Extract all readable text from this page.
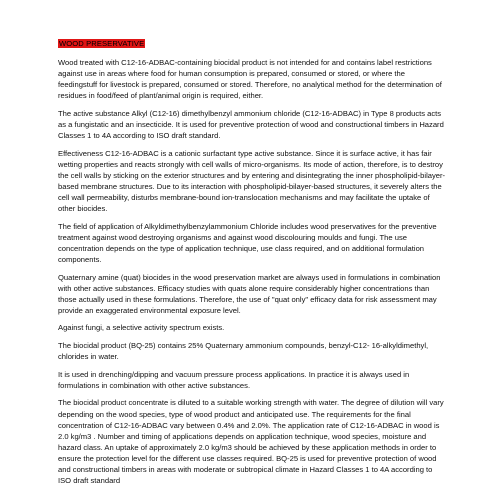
WOOD PRESERVATIVE

Wood treated with C12-16-ADBAC-containing biocidal product is not intended for and contains label restrictions against use in areas where food for human consumption is prepared, consumed or stored, or where the feedingstuff for livestock is prepared, consumed or stored. Therefore, no analytical method for the determination of residues in food/feed of plant/animal origin is required, either.

The active substance Alkyl (C12-16) dimethylbenzyl ammonium chloride (C12-16-ADBAC) in Type 8 products acts as a fungistatic and an insecticide. It is used for preventive protection of wood and constructional timbers in Hazard Classes 1 to 4A according to ISO draft standard.

Effectiveness C12-16-ADBAC is a cationic surfactant type active substance. Since it is surface active, it has fair wetting properties and reacts strongly with cell walls of micro-organisms. Its mode of action, therefore, is to destroy the cell walls by sticking on the exterior structures and by entering and disintegrating the inner phospholipid-bilayer-based membrane structures. Due to its interaction with phospholipid-bilayer-based structures, it severely alters the cell wall permeability, disturbs membrane-bound ion-translocation mechanisms and may facilitate the uptake of other biocides.

The field of application of Alkyldimethylbenzylammonium Chloride includes wood preservatives for the preventive treatment against wood destroying organisms and against wood discolouring moulds and fungi. The use concentration depends on the type of application technique, use class required, and on additional formulation components.

Quaternary amine (quat) biocides in the wood preservation market are always used in formulations in combination with other active substances. Efficacy studies with quats alone require considerably higher concentrations than those actually used in these formulations. Therefore, the use of "quat only" efficacy data for risk assessment may provide an exaggerated environmental exposure level.

Against fungi, a selective activity spectrum exists.

The biocidal product (BQ-25) contains 25% Quaternary ammonium compounds, benzyl-C12- 16-alkyldimethyl, chlorides in water.

It is used in drenching/dipping and vacuum pressure process applications. In practice it is always used in formulations in combination with other active substances.

The biocidal product concentrate is diluted to a suitable working strength with water. The degree of dilution will vary depending on the wood species, type of wood product and anticipated use. The requirements for the final concentration of C12-16-ADBAC vary between 0.4% and 2.0%. The application rate of C12-16-ADBAC in wood is 2.0 kg/m3 . Number and timing of applications depends on application technique, wood species, moisture and hazard class. An uptake of approximately 2.0 kg/m3 should be achieved by these application methods in order to ensure the protection level for the different use classes required. BQ-25 is used for preventive protection of wood and constructional timbers in areas with moderate or subtropical climate in Hazard Classes 1 to 4A according to ISO draft standard
